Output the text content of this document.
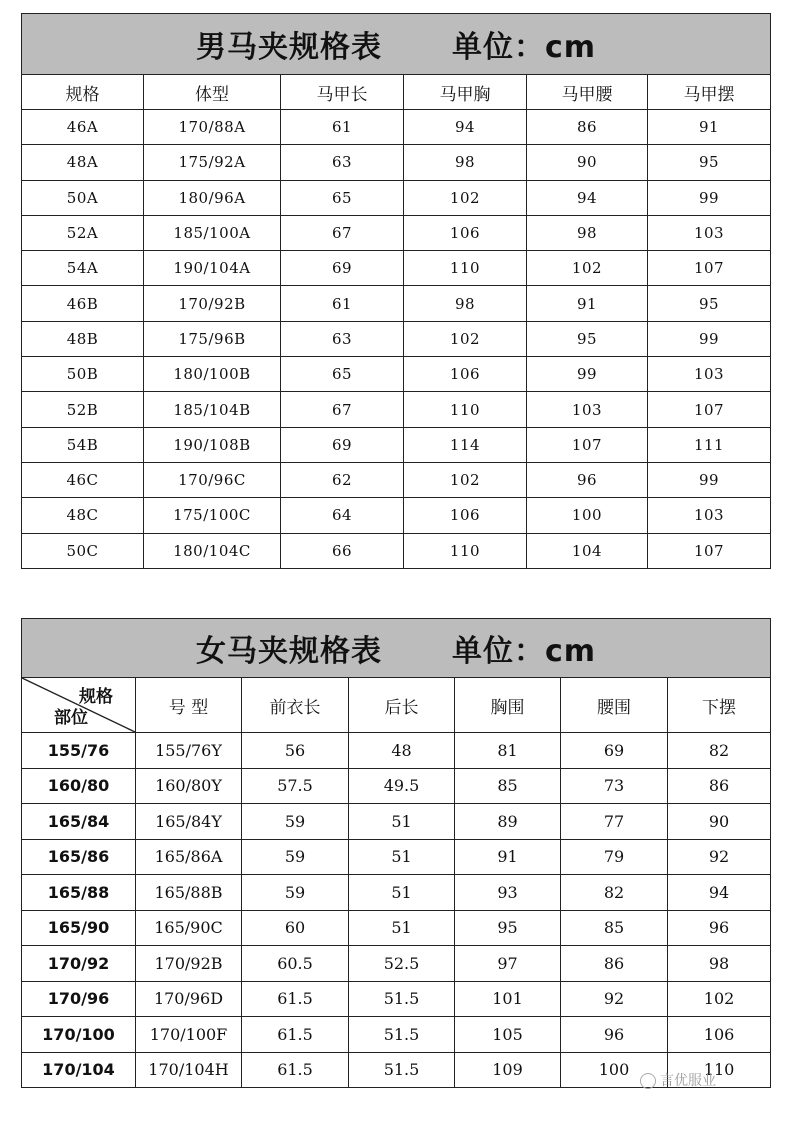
男马夹规格表 单位：cm					
规格	体型	马甲长	马甲胸	马甲腰	马甲摆
46A	170/88A	61	94	86	91
48A	175/92A	63	98	90	95
50A	180/96A	65	102	94	99
52A	185/100A	67	106	98	103
54A	190/104A	69	110	102	107
46B	170/92B	61	98	91	95
48B	175/96B	63	102	95	99
50B	180/100B	65	106	99	103
52B	185/104B	67	110	103	107
54B	190/108B	69	114	107	111
46C	170/96C	62	102	96	99
48C	175/100C	64	106	100	103
50C	180/104C	66	110	104	107
女马夹规格表 单位：cm						

规格
部位	号 型	前衣长	后长	胸围	腰围	下摆
155/76	155/76Y	56	48	81	69	82
160/80	160/80Y	57.5	49.5	85	73	86
165/84	165/84Y	59	51	89	77	90
165/86	165/86A	59	51	91	79	92
165/88	165/88B	59	51	93	82	94
165/90	165/90C	60	51	95	85	96
170/92	170/92B	60.5	52.5	97	86	98
170/96	170/96D	61.5	51.5	101	92	102
170/100	170/100F	61.5	51.5	105	96	106
170/104	170/104H	61.5	51.5	109	100	110
言优服业
